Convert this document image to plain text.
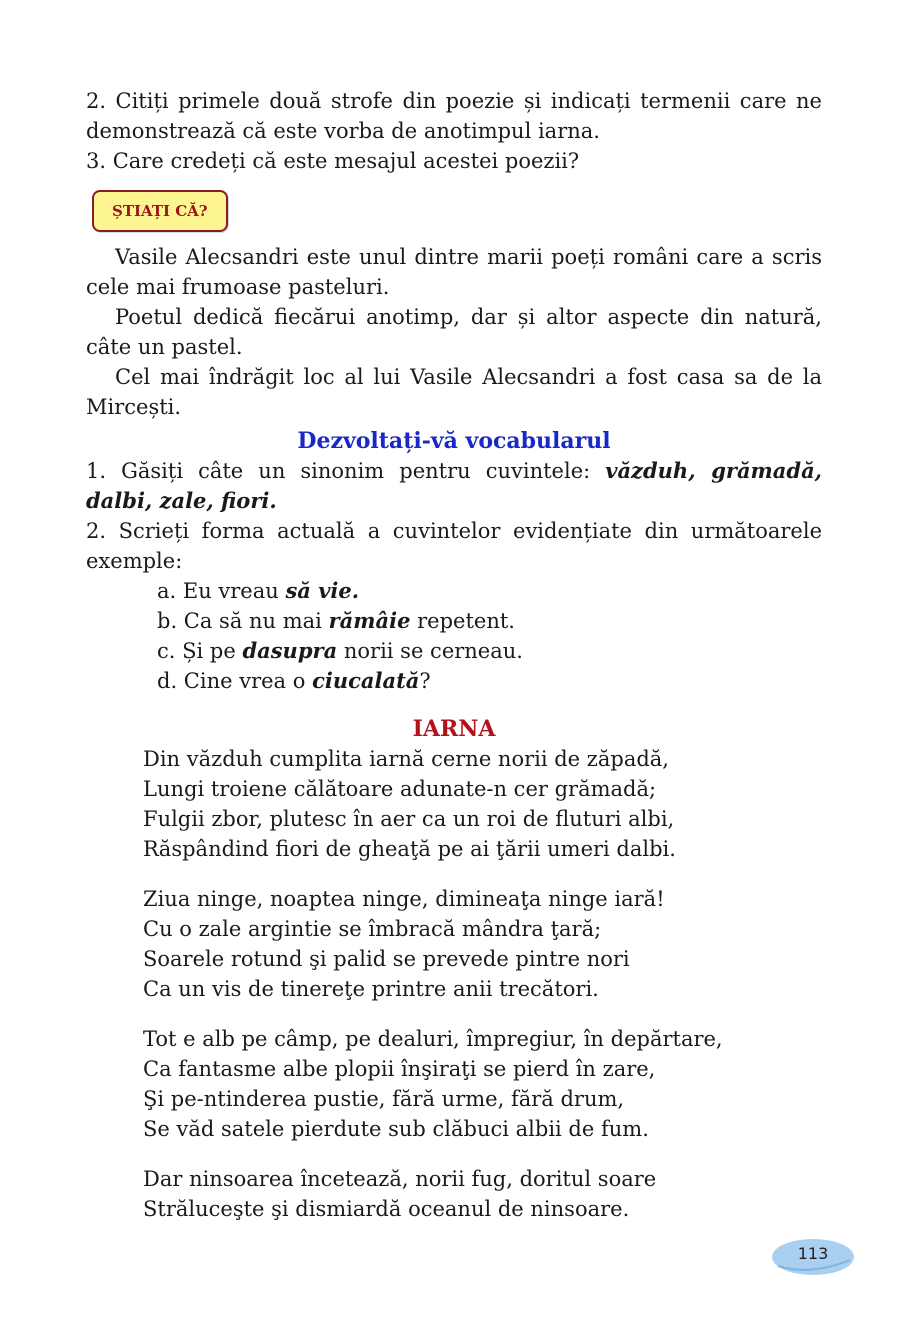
2. Citiți primele două strofe din poezie și indicați termenii care ne demonstrează că este vorba de anotimpul iarna.

3. Care credeți că este mesajul acestei poezii?

ȘTIAȚI CĂ?

Vasile Alecsandri este unul dintre marii poeți români care a scris cele mai frumoase pasteluri.

Poetul dedică fiecărui anotimp, dar și altor aspecte din natură, câte un pastel.

Cel mai îndrăgit loc al lui Vasile Alecsandri a fost casa sa de la Mircești.

Dezvoltați-vă vocabularul

1. Găsiți câte un sinonim pentru cuvintele: văzduh, grămadă, dalbi, zale, fiori.

2. Scrieți forma actuală a cuvintelor evidențiate din următoarele exemple:

a. Eu vreau să vie.

b. Ca să nu mai rămâie repetent.

c. Și pe dasupra norii se cerneau.

d. Cine vrea o ciucalată?

IARNA
Din văzduh cumplita iarnă cerne norii de zăpadă,
Lungi troiene călătoare adunate-n cer grămadă;
Fulgii zbor, plutesc în aer ca un roi de fluturi albi,
Răspândind fiori de gheaţă pe ai ţării umeri dalbi.
Ziua ninge, noaptea ninge, dimineaţa ninge iară!
Cu o zale argintie se îmbracă mândra ţară;
Soarele rotund şi palid se prevede pintre nori
Ca un vis de tinereţe printre anii trecători.
Tot e alb pe câmp, pe dealuri, împregiur, în depărtare,
Ca fantasme albe plopii înşiraţi se pierd în zare,
Şi pe-ntinderea pustie, fără urme, fără drum,
Se văd satele pierdute sub clăbuci albii de fum.
Dar ninsoarea încetează, norii fug, doritul soare
Străluceşte şi dismiardă oceanul de ninsoare.
113
